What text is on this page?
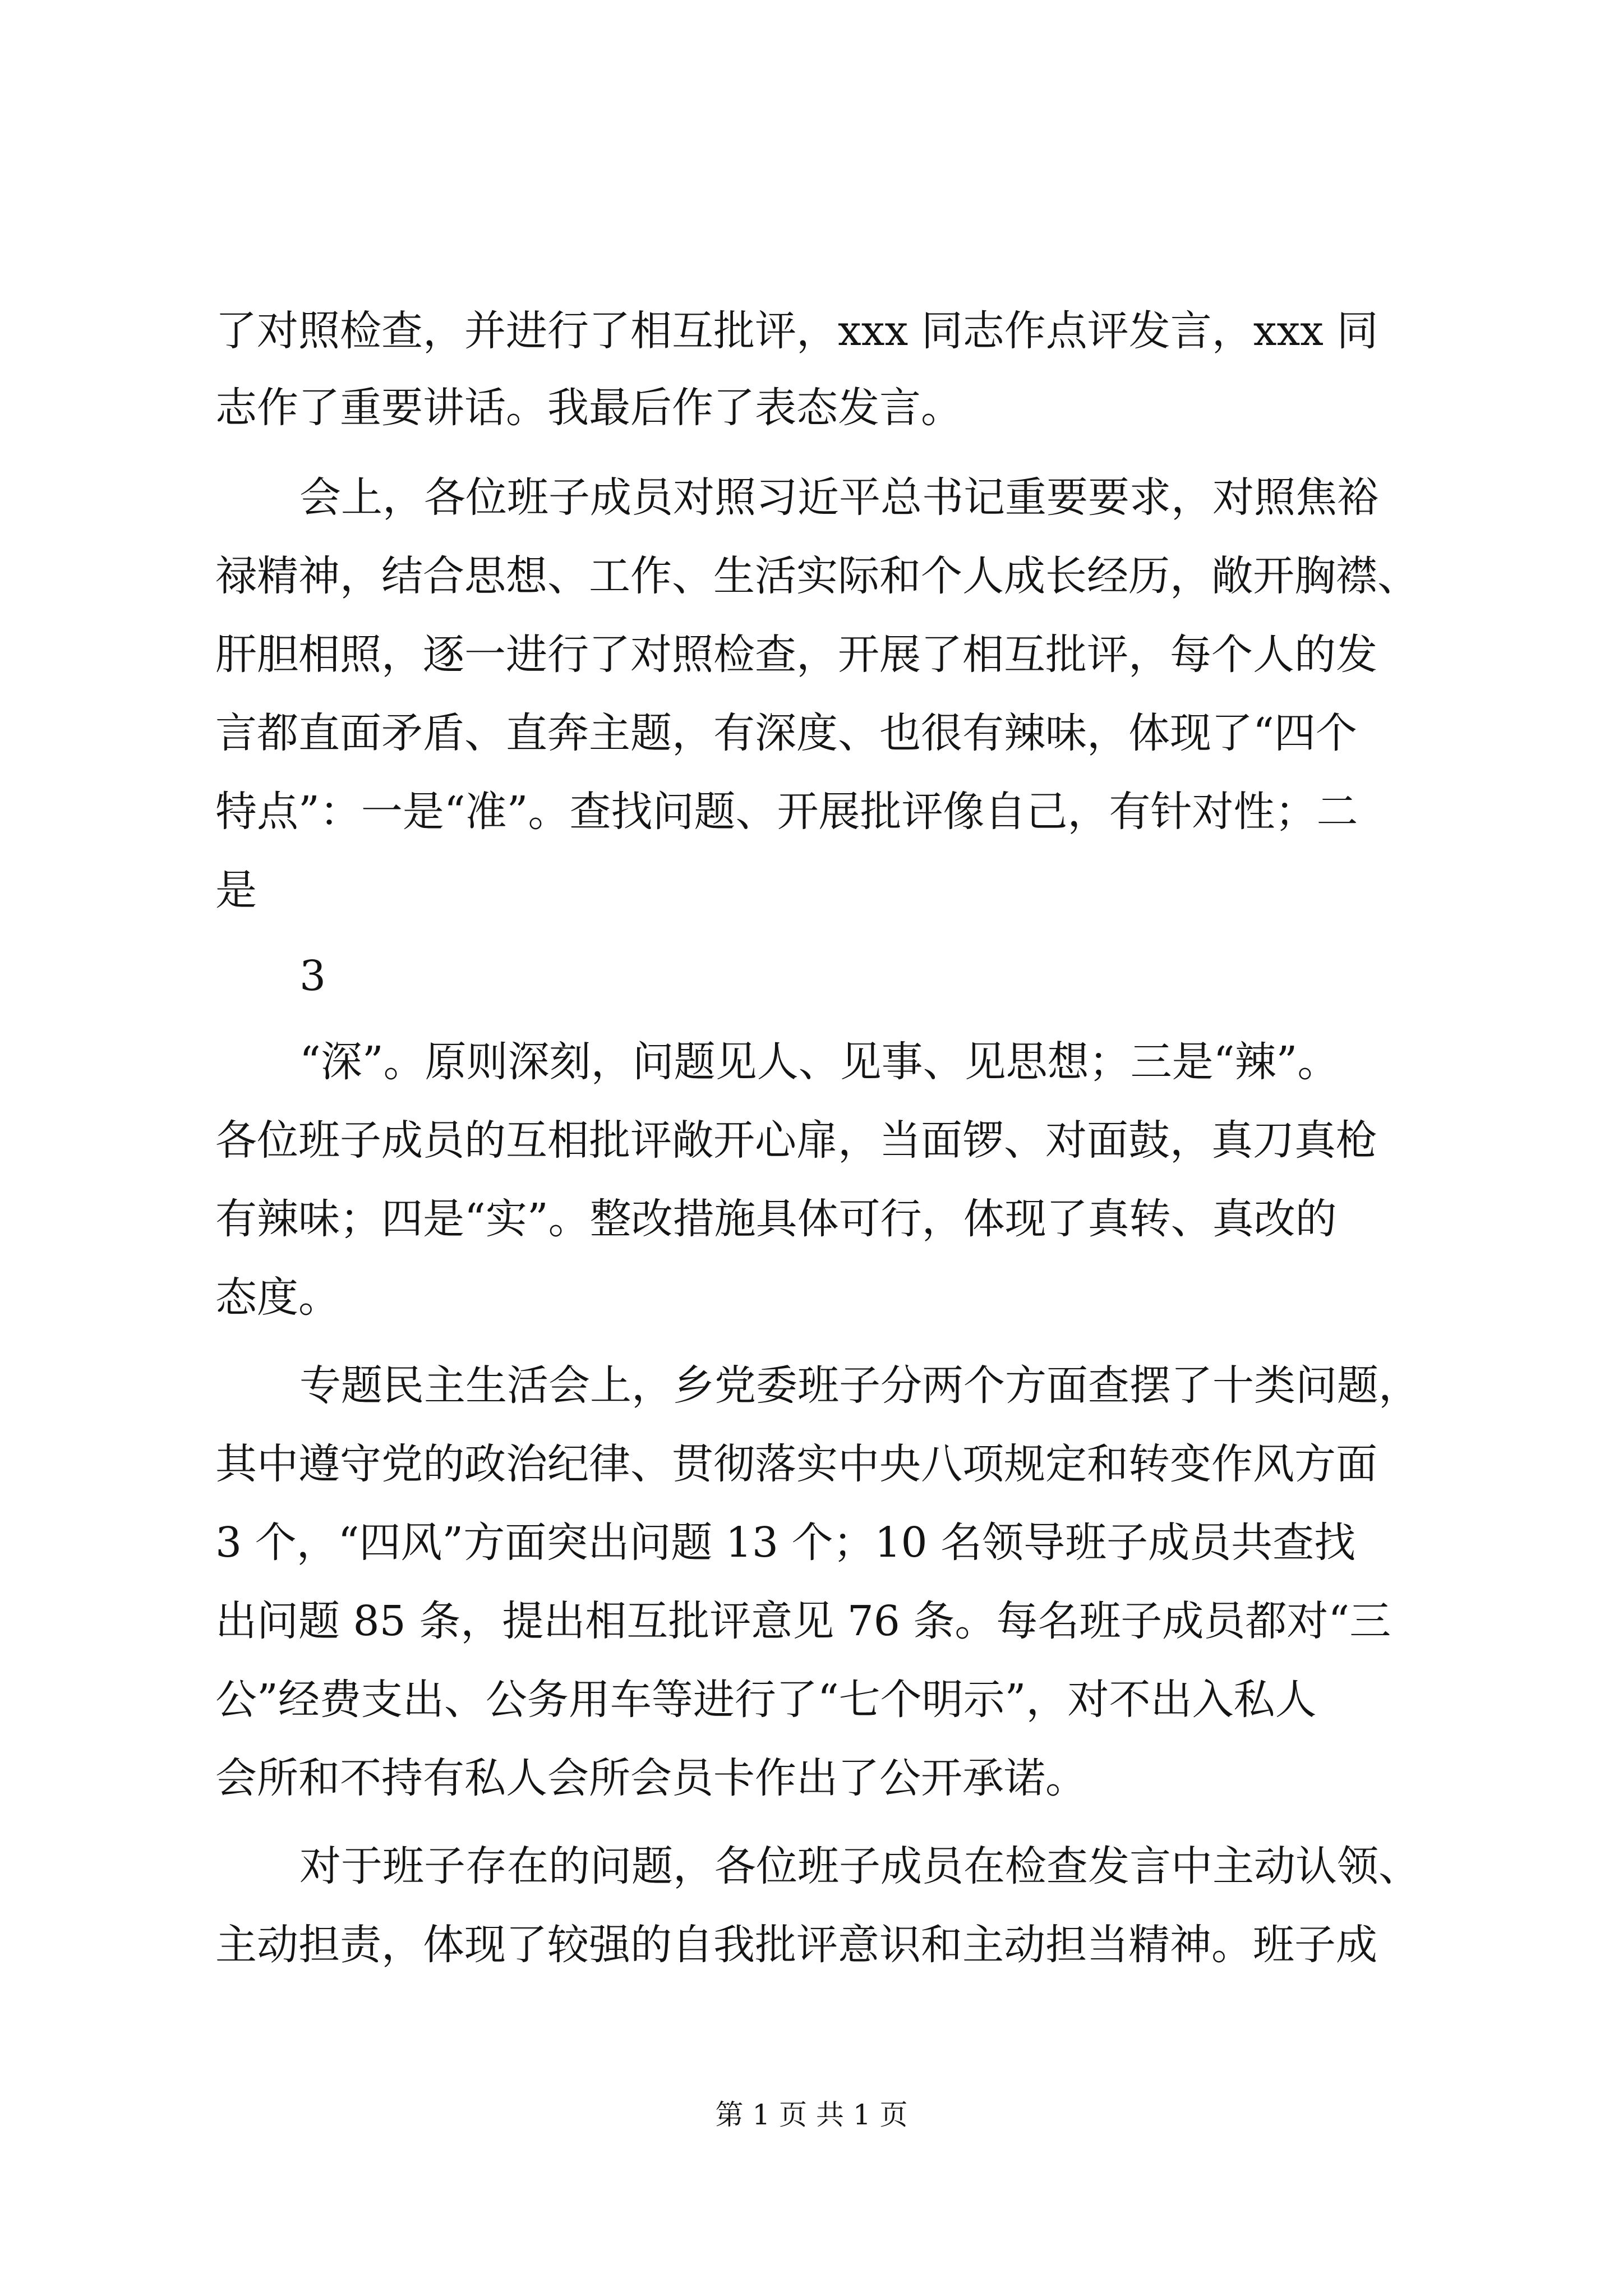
了对照检查，并进行了相互批评，xxx 同志作点评发言，xxx 同
志作了重要讲话。我最后作了表态发言。
会上，各位班子成员对照习近平总书记重要要求，对照焦裕
禄精神，结合思想、工作、生活实际和个人成长经历，敞开胸襟、
肝胆相照，逐一进行了对照检查，开展了相互批评，每个人的发
言都直面矛盾、直奔主题，有深度、也很有辣味，体现了“四个
特点”：一是“准”。查找问题、开展批评像自己，有针对性；二
是
3
“深”。原则深刻，问题见人、见事、见思想；三是“辣”。
各位班子成员的互相批评敞开心扉，当面锣、对面鼓，真刀真枪
有辣味；四是“实”。整改措施具体可行，体现了真转、真改的
态度。
专题民主生活会上，乡党委班子分两个方面查摆了十类问题，
其中遵守党的政治纪律、贯彻落实中央八项规定和转变作风方面
3 个，“四风”方面突出问题 13 个；10 名领导班子成员共查找
出问题 85 条，提出相互批评意见 76 条。每名班子成员都对“三
公”经费支出、公务用车等进行了“七个明示”，对不出入私人
会所和不持有私人会所会员卡作出了公开承诺。
对于班子存在的问题，各位班子成员在检查发言中主动认领、
主动担责，体现了较强的自我批评意识和主动担当精神。班子成
第 1 页 共 1 页
